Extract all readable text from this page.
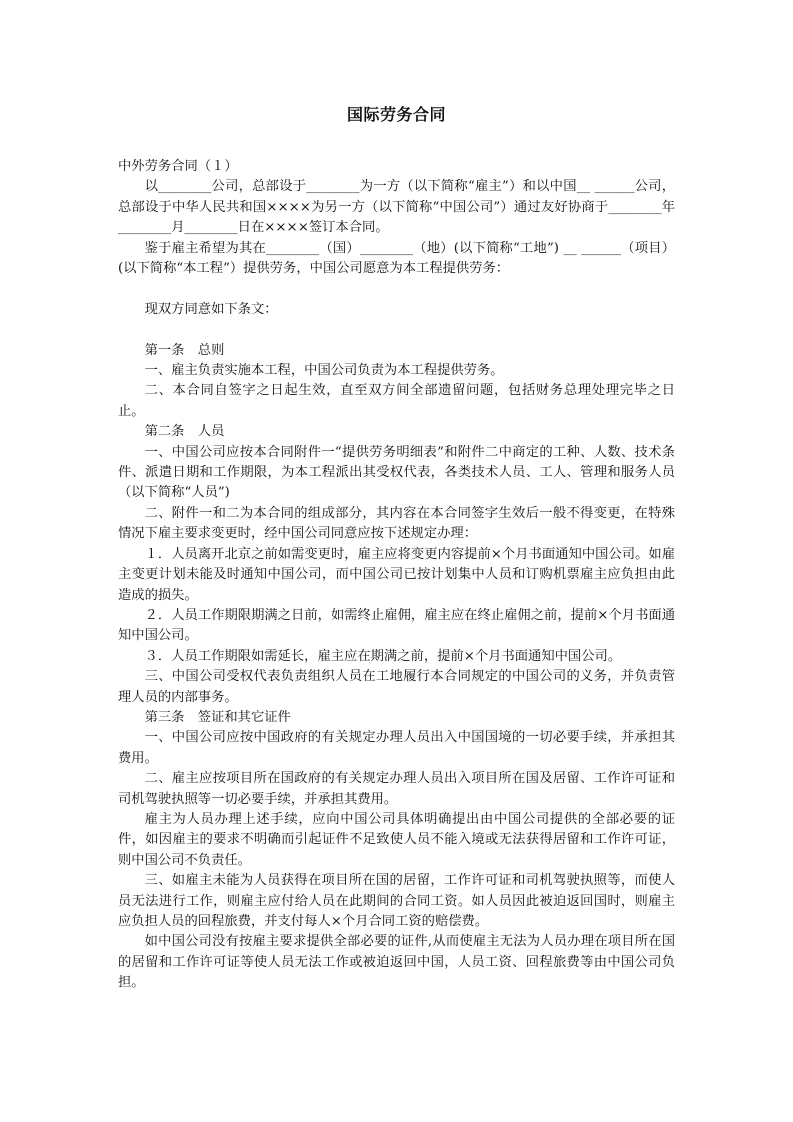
国际劳务合同

中外劳务合同（１）

以________公司，总部设于________为一方（以下简称“雇主”）和以中国__ ______公司，总部设于中华人民共和国××××为另一方（以下简称“中国公司”）通过友好协商于________年________月________日在××××签订本合同。

鉴于雇主希望为其在________（国）________（地）(以下简称“工地”) __ ______（项目）(以下简称“本工程”）提供劳务，中国公司愿意为本工程提供劳务：

现双方同意如下条文：

第一条　总则

一、雇主负责实施本工程，中国公司负责为本工程提供劳务。

二、本合同自签字之日起生效，直至双方间全部遗留问题，包括财务总理处理完毕之日止。

第二条　人员

一、中国公司应按本合同附件一“提供劳务明细表”和附件二中商定的工种、人数、技术条件、派遣日期和工作期限，为本工程派出其受权代表，各类技术人员、工人、管理和服务人员（以下简称“人员”)

二、附件一和二为本合同的组成部分，其内容在本合同签字生效后一般不得变更，在特殊情况下雇主要求变更时，经中国公司同意应按下述规定办理：

１．人员离开北京之前如需变更时，雇主应将变更内容提前×个月书面通知中国公司。如雇主变更计划未能及时通知中国公司，而中国公司已按计划集中人员和订购机票雇主应负担由此造成的损失。

２．人员工作期限期满之日前，如需终止雇佣，雇主应在终止雇佣之前，提前×个月书面通知中国公司。

３．人员工作期限如需延长，雇主应在期满之前，提前×个月书面通知中国公司。

三、中国公司受权代表负责组织人员在工地履行本合同规定的中国公司的义务，并负责管理人员的内部事务。

第三条　签证和其它证件

一、中国公司应按中国政府的有关规定办理人员出入中国国境的一切必要手续，并承担其费用。

二、雇主应按项目所在国政府的有关规定办理人员出入项目所在国及居留、工作许可证和司机驾驶执照等一切必要手续，并承担其费用。

雇主为人员办理上述手续，应向中国公司具体明确提出由中国公司提供的全部必要的证件，如因雇主的要求不明确而引起证件不足致使人员不能入境或无法获得居留和工作许可证，则中国公司不负责任。

三、如雇主未能为人员获得在项目所在国的居留，工作许可证和司机驾驶执照等，而使人员无法进行工作，则雇主应付给人员在此期间的合同工资。如人员因此被迫返回国时，则雇主应负担人员的回程旅费，并支付每人×个月合同工资的赔偿费。

如中国公司没有按雇主要求提供全部必要的证件,从而使雇主无法为人员办理在项目所在国的居留和工作许可证等使人员无法工作或被迫返回中国，人员工资、回程旅费等由中国公司负担。
